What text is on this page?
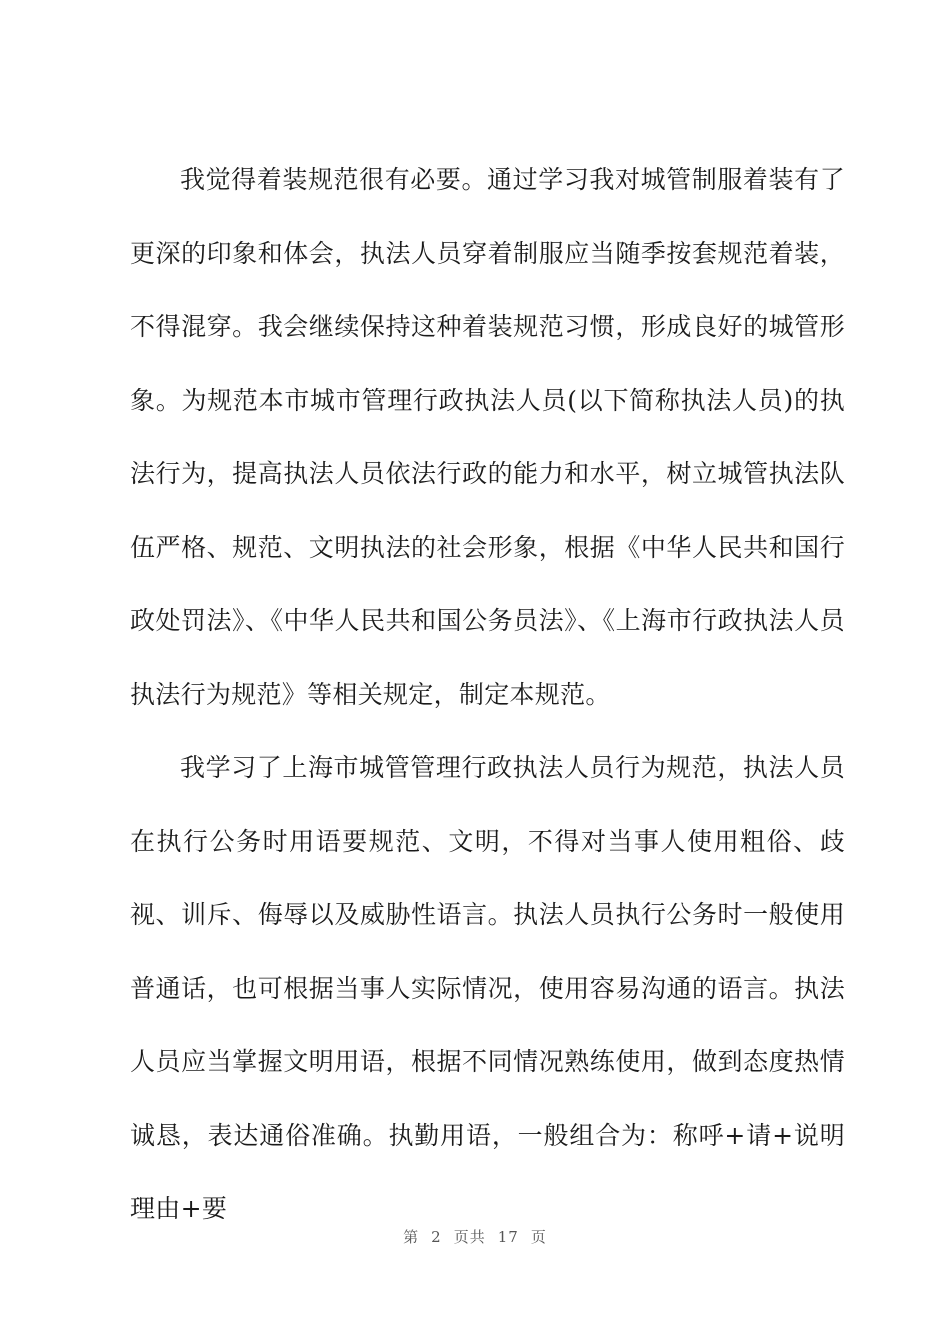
我觉得着装规范很有必要。通过学习我对城管制服着装有了更深的印象和体会，执法人员穿着制服应当随季按套规范着装，不得混穿。我会继续保持这种着装规范习惯，形成良好的城管形象。为规范本市城市管理行政执法人员(以下简称执法人员)的执法行为，提高执法人员依法行政的能力和水平，树立城管执法队伍严格、规范、文明执法的社会形象，根据《中华人民共和国行政处罚法》、《中华人民共和国公务员法》、《上海市行政执法人员执法行为规范》等相关规定，制定本规范。

我学习了上海市城管管理行政执法人员行为规范，执法人员在执行公务时用语要规范、文明，不得对当事人使用粗俗、歧视、训斥、侮辱以及威胁性语言。执法人员执行公务时一般使用普通话，也可根据当事人实际情况，使用容易沟通的语言。执法人员应当掌握文明用语，根据不同情况熟练使用，做到态度热情诚恳，表达通俗准确。执勤用语，一般组合为：称呼+请+说明理由+要

第 2 页共 17 页
